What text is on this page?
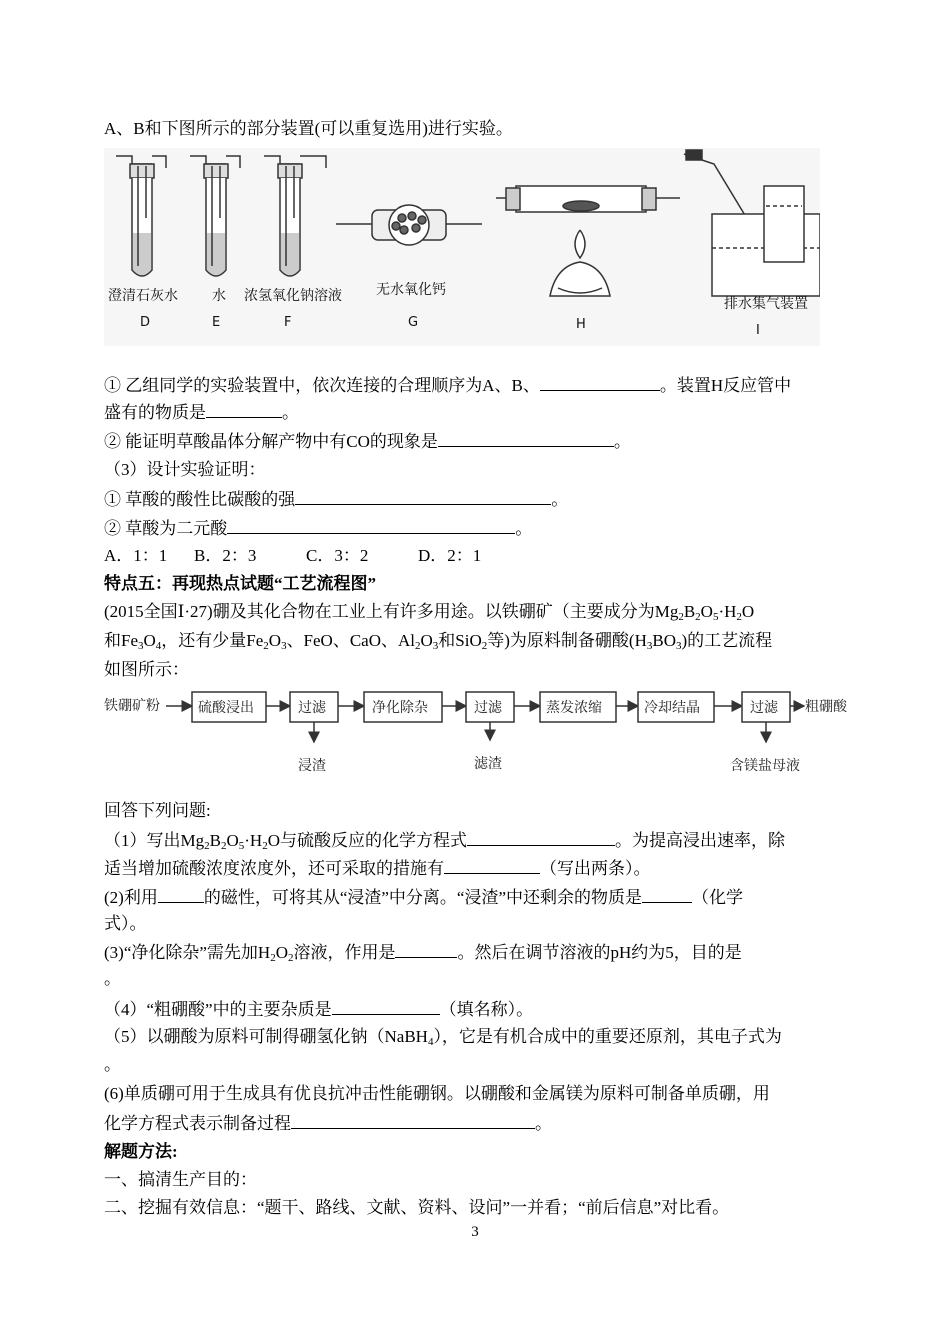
A、B和下图所示的部分装置(可以重复选用)进行实验。
澄清石灰水
D
水
E
浓氢氧化钠溶液
F
无水氧化钙
G	H
排水集气装置
I
① 乙组同学的实验装置中，依次连接的合理顺序为A、B、	。装置H反应管中
盛有的物质是	。
② 能证明草酸晶体分解产物中有CO的现象是	。
（3）设计实验证明：
① 草酸的酸性比碳酸的强	。
② 草酸为二元酸	。
A．1：1 B．2：3	C．3：2	D．2：1
特点五：再现热点试题“工艺流程图”
(2015全国Ⅰ·27)硼及其化合物在工业上有许多用途。以铁硼矿（主要成分为$Mg_2B_2O_5\cdot H_2O$
和$Fe_3O_4$，还有少量$Fe_2O_3$、FeO、CaO、$Al_2O_3$和SiO$_2$等)为原料制备硼酸$(H_3BO_3)$的工艺流程
如图所示：
铁硼矿粉	硫酸浸出	过滤	净化除杂	过滤	蒸发浓缩	冷却结晶	过滤 粗硼酸
浸渣	滤渣	含镁盐母液
回答下列问题:
（1）写出$Mg_2B_2O_5\cdot H_2O$与硫酸反应的化学方程式	。为提高浸出速率，除
适当增加硫酸浓度浓度外，还可采取的措施有	（写出两条）。
(2)利用	的磁性，可将其从“浸渣”中分离。“浸渣”中还剩余的物质是	（化学
式）。
(3)“净化除杂”需先加$H_2O_2$溶液，作用是	。然后在调节溶液的pH约为5，目的是
。
（4）“粗硼酸”中的主要杂质是	（填名称）。
（5）以硼酸为原料可制得硼氢化钠（NaBH$_4$），它是有机合成中的重要还原剂，其电子式为
。
(6)单质硼可用于生成具有优良抗冲击性能硼钢。以硼酸和金属镁为原料可制备单质硼，用
化学方程式表示制备过程	。
解题方法:
一、搞清生产目的：
二、挖掘有效信息：“题干、路线、文献、资料、设问”一并看；“前后信息”对比看。
3
